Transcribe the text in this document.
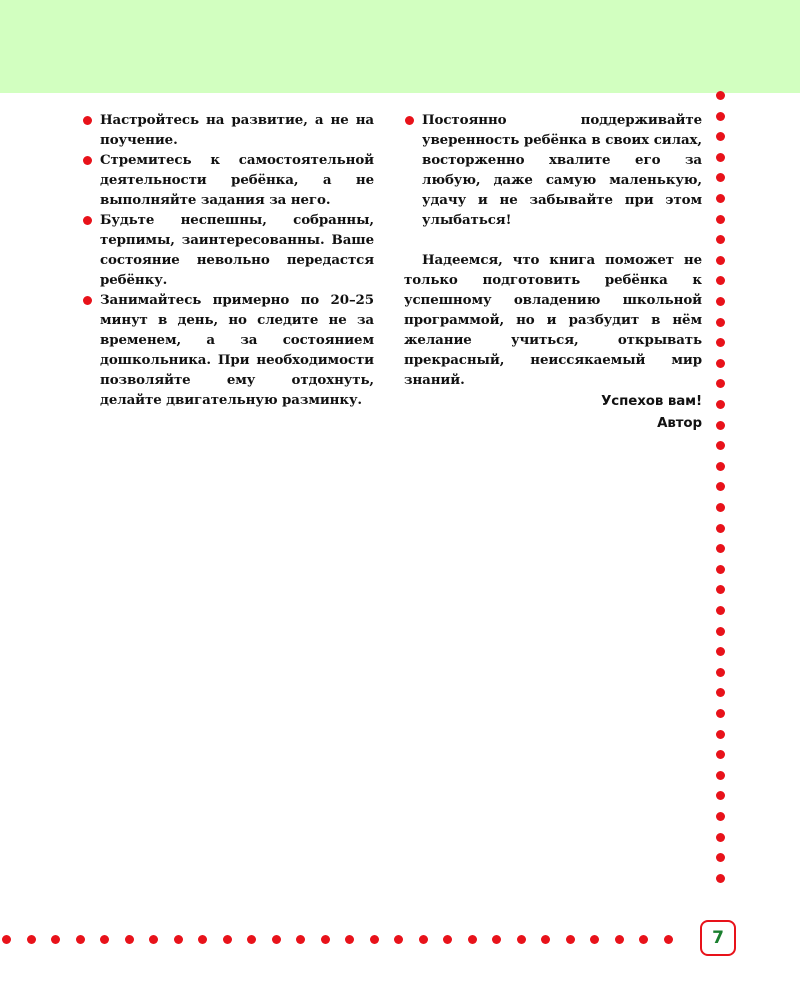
Настройтесь на развитие, а не на поучение.
Стремитесь к самостоятельной деятельности ребёнка, а не выполняйте задания за него.
Будьте неспешны, собранны, терпимы, заинтересованны. Ваше состояние невольно передастся ребёнку.
Занимайтесь примерно по 20–25 минут в день, но следите не за временем, а за состоянием дошкольника. При необходимости позволяйте ему отдохнуть, делайте двигательную разминку.
Постоянно поддерживайте уверенность ребёнка в своих силах, восторженно хвалите его за любую, даже самую маленькую, удачу и не забывайте при этом улыбаться!

Надеемся, что книга поможет не только подготовить ребёнка к успешному овладению школьной программой, но и разбудит в нём желание учиться, открывать прекрасный, неиссякаемый мир знаний.

Успехов вам!
Автор
7
